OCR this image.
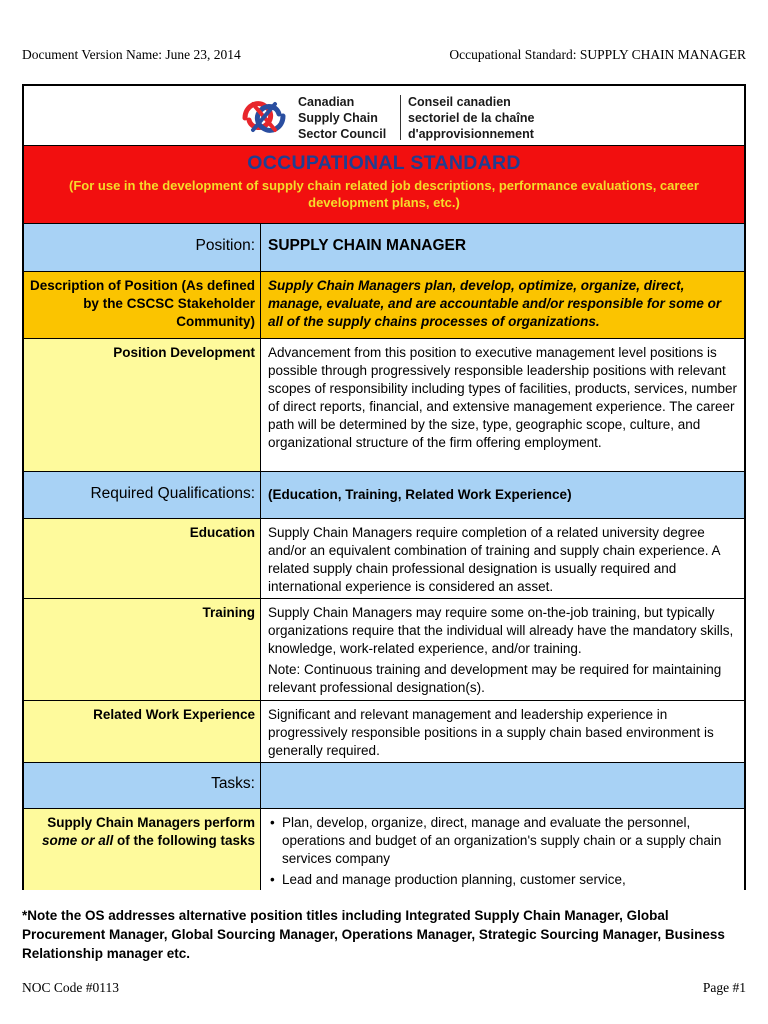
Document Version Name: June 23, 2014	Occupational Standard: SUPPLY CHAIN MANAGER
Canadian
Supply Chain
Sector Council
Conseil canadien
sectoriel de la chaîne
d'approvisionnement
OCCUPATIONAL STANDARD
(For use in the development of supply chain related job descriptions, performance evaluations, career development plans, etc.)
Position: SUPPLY CHAIN MANAGER
Description of Position (As defined by the CSCSC Stakeholder Community)
Supply Chain Managers plan, develop, optimize, organize, direct, manage, evaluate, and are accountable and/or responsible for some or all of the supply chains processes of organizations.
Position Development Advancement from this position to executive management level positions is possible through progressively responsible leadership positions with relevant scopes of responsibility including types of facilities, products, services, number of direct reports, financial, and extensive management experience. The career path will be determined by the size, type, geographic scope, culture, and organizational structure of the firm offering employment.
Required Qualifications: (Education, Training, Related Work Experience)
Education Supply Chain Managers require completion of a related university degree and/or an equivalent combination of training and supply chain experience. A related supply chain professional designation is usually required and international experience is considered an asset.
Training Supply Chain Managers may require some on-the-job training, but typically organizations require that the individual will already have the mandatory skills, knowledge, work-related experience, and/or training.
Note: Continuous training and development may be required for maintaining relevant professional designation(s).
Related Work Experience Significant and relevant management and leadership experience in progressively responsible positions in a supply chain based environment is generally required.
Tasks:
Supply Chain Managers perform some or all of the following tasks
• Plan, develop, organize, direct, manage and evaluate the personnel, operations and budget of an organization's supply chain or a supply chain services company
• Lead and manage production planning, customer service,
*Note the OS addresses alternative position titles including Integrated Supply Chain Manager, Global Procurement Manager, Global Sourcing Manager, Operations Manager, Strategic Sourcing Manager, Business Relationship manager etc.
NOC Code #0113	Page #1
